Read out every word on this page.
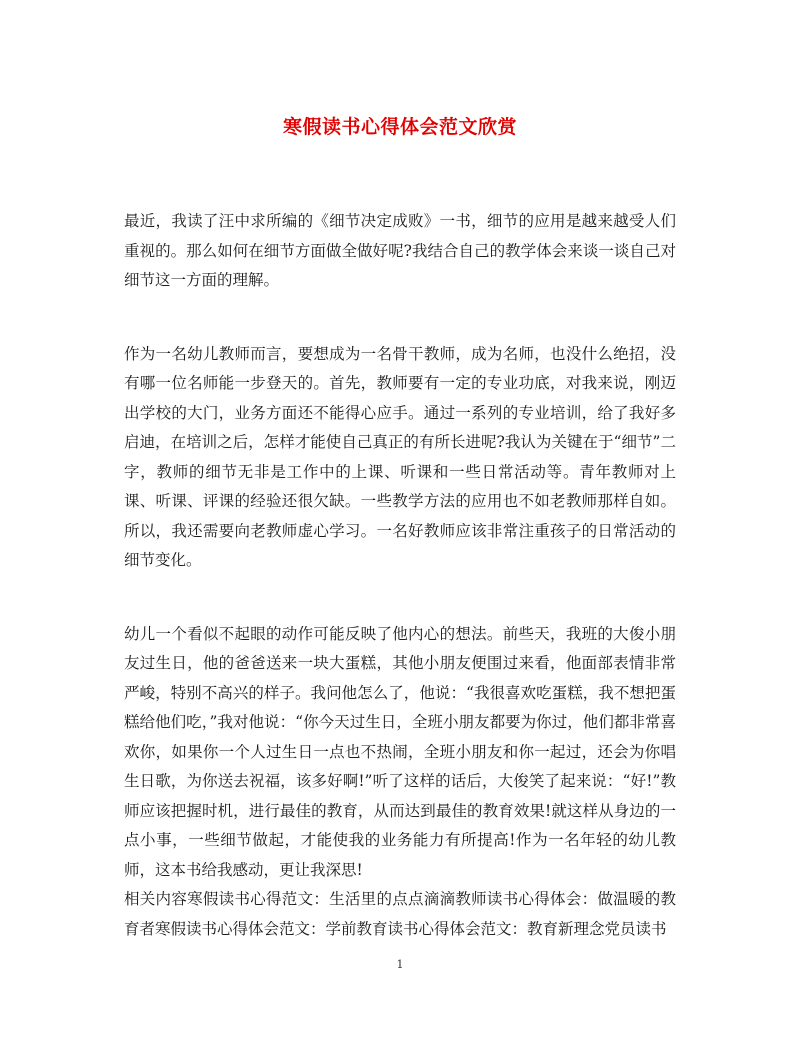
寒假读书心得体会范文欣赏

最近，我读了汪中求所编的《细节决定成败》一书，细节的应用是越来越受人们重视的。那么如何在细节方面做全做好呢?我结合自己的教学体会来谈一谈自己对细节这一方面的理解。

作为一名幼儿教师而言，要想成为一名骨干教师，成为名师，也没什么绝招，没有哪一位名师能一步登天的。首先，教师要有一定的专业功底，对我来说，刚迈出学校的大门，业务方面还不能得心应手。通过一系列的专业培训，给了我好多启迪，在培训之后，怎样才能使自己真正的有所长进呢?我认为关键在于“细节”二字，教师的细节无非是工作中的上课、听课和一些日常活动等。青年教师对上课、听课、评课的经验还很欠缺。一些教学方法的应用也不如老教师那样自如。所以，我还需要向老教师虚心学习。一名好教师应该非常注重孩子的日常活动的细节变化。

幼儿一个看似不起眼的动作可能反映了他内心的想法。前些天，我班的大俊小朋友过生日，他的爸爸送来一块大蛋糕，其他小朋友便围过来看，他面部表情非常严峻，特别不高兴的样子。我问他怎么了，他说：“我很喜欢吃蛋糕，我不想把蛋糕给他们吃，”我对他说：“你今天过生日，全班小朋友都要为你过，他们都非常喜欢你，如果你一个人过生日一点也不热闹，全班小朋友和你一起过，还会为你唱生日歌，为你送去祝福，该多好啊!”听了这样的话后，大俊笑了起来说：“好!”教师应该把握时机，进行最佳的教育，从而达到最佳的教育效果!就这样从身边的一点小事，一些细节做起，才能使我的业务能力有所提高!作为一名年轻的幼儿教师，这本书给我感动，更让我深思!

相关内容寒假读书心得范文：生活里的点点滴滴教师读书心得体会：做温暖的教育者寒假读书心得体会范文：学前教育读书心得体会范文：教育新理念党员读书

1
